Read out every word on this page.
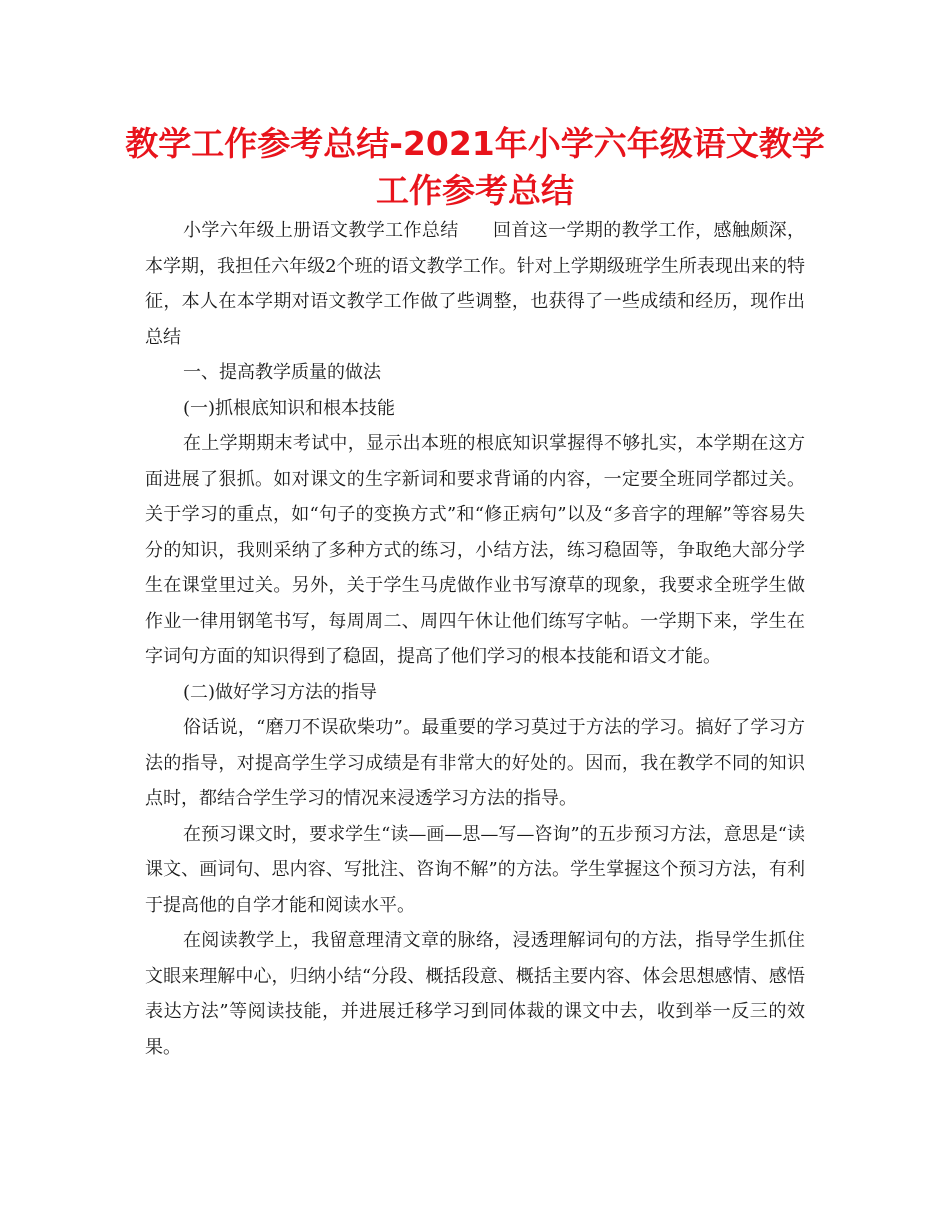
教学工作参考总结-2021年小学六年级语文教学工作参考总结

小学六年级上册语文教学工作总结 回首这一学期的教学工作，感触颇深，本学期，我担任六年级2个班的语文教学工作。针对上学期级班学生所表现出来的特征，本人在本学期对语文教学工作做了些调整，也获得了一些成绩和经历，现作出总结

一、提高教学质量的做法

(一)抓根底知识和根本技能

在上学期期末考试中，显示出本班的根底知识掌握得不够扎实，本学期在这方面进展了狠抓。如对课文的生字新词和要求背诵的内容，一定要全班同学都过关。关于学习的重点，如“句子的变换方式”和“修正病句”以及“多音字的理解”等容易失分的知识，我则采纳了多种方式的练习，小结方法，练习稳固等，争取绝大部分学生在课堂里过关。另外，关于学生马虎做作业书写潦草的现象，我要求全班学生做作业一律用钢笔书写，每周周二、周四午休让他们练写字帖。一学期下来，学生在字词句方面的知识得到了稳固，提高了他们学习的根本技能和语文才能。

(二)做好学习方法的指导

俗话说，“磨刀不误砍柴功”。最重要的学习莫过于方法的学习。搞好了学习方法的指导，对提高学生学习成绩是有非常大的好处的。因而，我在教学不同的知识点时，都结合学生学习的情况来浸透学习方法的指导。

在预习课文时，要求学生“读—画—思—写—咨询”的五步预习方法，意思是“读课文、画词句、思内容、写批注、咨询不解”的方法。学生掌握这个预习方法，有利于提高他的自学才能和阅读水平。

在阅读教学上，我留意理清文章的脉络，浸透理解词句的方法，指导学生抓住文眼来理解中心，归纳小结“分段、概括段意、概括主要内容、体会思想感情、感悟表达方法”等阅读技能，并进展迁移学习到同体裁的课文中去，收到举一反三的效果。
